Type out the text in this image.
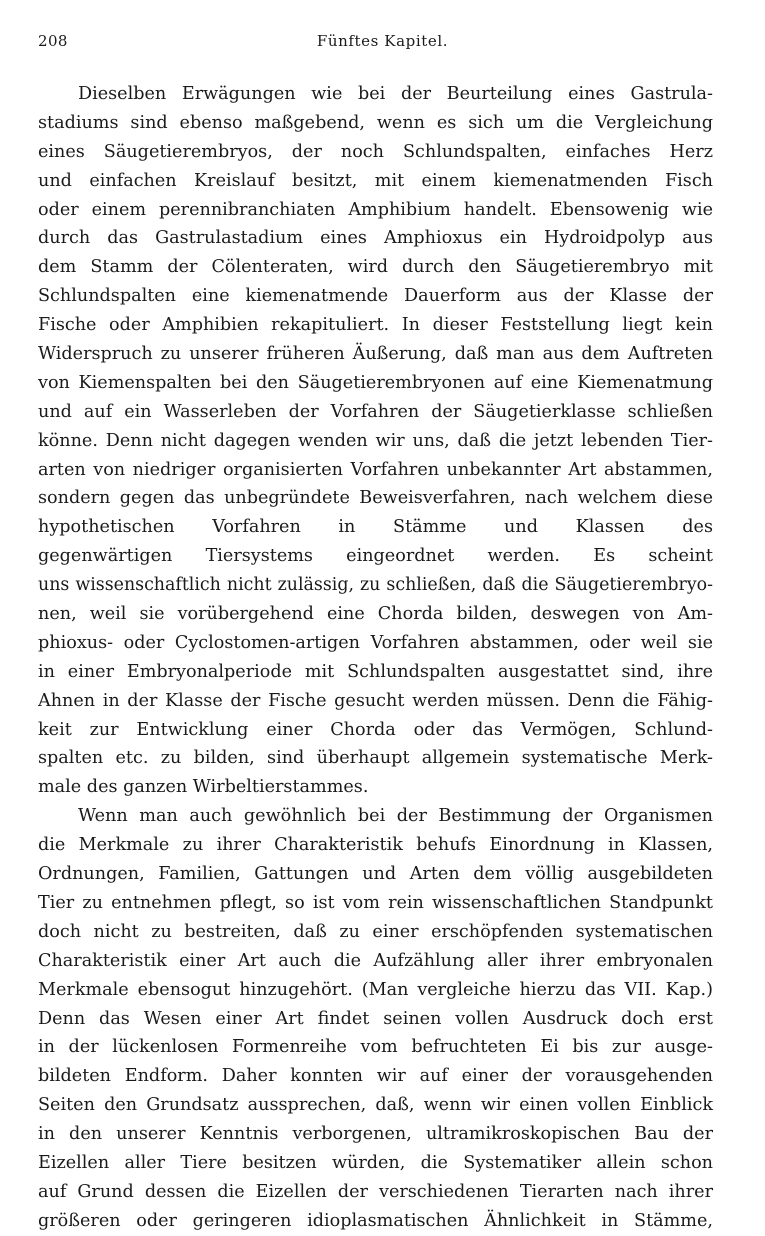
208	Fünftes Kapitel.
Dieselben Erwägungen wie bei der Beurteilung eines Gastrula-
stadiums sind ebenso maßgebend, wenn es sich um die Vergleichung
eines Säugetierembryos, der noch Schlundspalten, einfaches Herz
und einfachen Kreislauf besitzt, mit einem kiemenatmenden Fisch
oder einem perennibranchiaten Amphibium handelt. Ebensowenig wie
durch das Gastrulastadium eines Amphioxus ein Hydroidpolyp aus
dem Stamm der Cölenteraten, wird durch den Säugetierembryo mit
Schlundspalten eine kiemenatmende Dauerform aus der Klasse der
Fische oder Amphibien rekapituliert. In dieser Feststellung liegt kein
Widerspruch zu unserer früheren Äußerung, daß man aus dem Auftreten
von Kiemenspalten bei den Säugetierembryonen auf eine Kiemenatmung
und auf ein Wasserleben der Vorfahren der Säugetierklasse schließen
könne. Denn nicht dagegen wenden wir uns, daß die jetzt lebenden Tier-
arten von niedriger organisierten Vorfahren unbekannter Art abstammen,
sondern gegen das unbegründete Beweisverfahren, nach welchem diese
hypothetischen Vorfahren in Stämme und Klassen des
gegenwärtigen Tiersystems eingeordnet werden. Es scheint
uns wissenschaftlich nicht zulässig, zu schließen, daß die Säugetierembryo-
nen, weil sie vorübergehend eine Chorda bilden, deswegen von Am-
phioxus- oder Cyclostomen-artigen Vorfahren abstammen, oder weil sie
in einer Embryonalperiode mit Schlundspalten ausgestattet sind, ihre
Ahnen in der Klasse der Fische gesucht werden müssen. Denn die Fähig-
keit zur Entwicklung einer Chorda oder das Vermögen, Schlund-
spalten etc. zu bilden, sind überhaupt allgemein systematische Merk-
male des ganzen Wirbeltierstammes.
Wenn man auch gewöhnlich bei der Bestimmung der Organismen
die Merkmale zu ihrer Charakteristik behufs Einordnung in Klassen,
Ordnungen, Familien, Gattungen und Arten dem völlig ausgebildeten
Tier zu entnehmen pflegt, so ist vom rein wissenschaftlichen Standpunkt
doch nicht zu bestreiten, daß zu einer erschöpfenden systematischen
Charakteristik einer Art auch die Aufzählung aller ihrer embryonalen
Merkmale ebensogut hinzugehört. (Man vergleiche hierzu das VII. Kap.)
Denn das Wesen einer Art findet seinen vollen Ausdruck doch erst
in der lückenlosen Formenreihe vom befruchteten Ei bis zur ausge-
bildeten Endform. Daher konnten wir auf einer der vorausgehenden
Seiten den Grundsatz aussprechen, daß, wenn wir einen vollen Einblick
in den unserer Kenntnis verborgenen, ultramikroskopischen Bau der
Eizellen aller Tiere besitzen würden, die Systematiker allein schon
auf Grund dessen die Eizellen der verschiedenen Tierarten nach ihrer
größeren oder geringeren idioplasmatischen Ähnlichkeit in Stämme,
